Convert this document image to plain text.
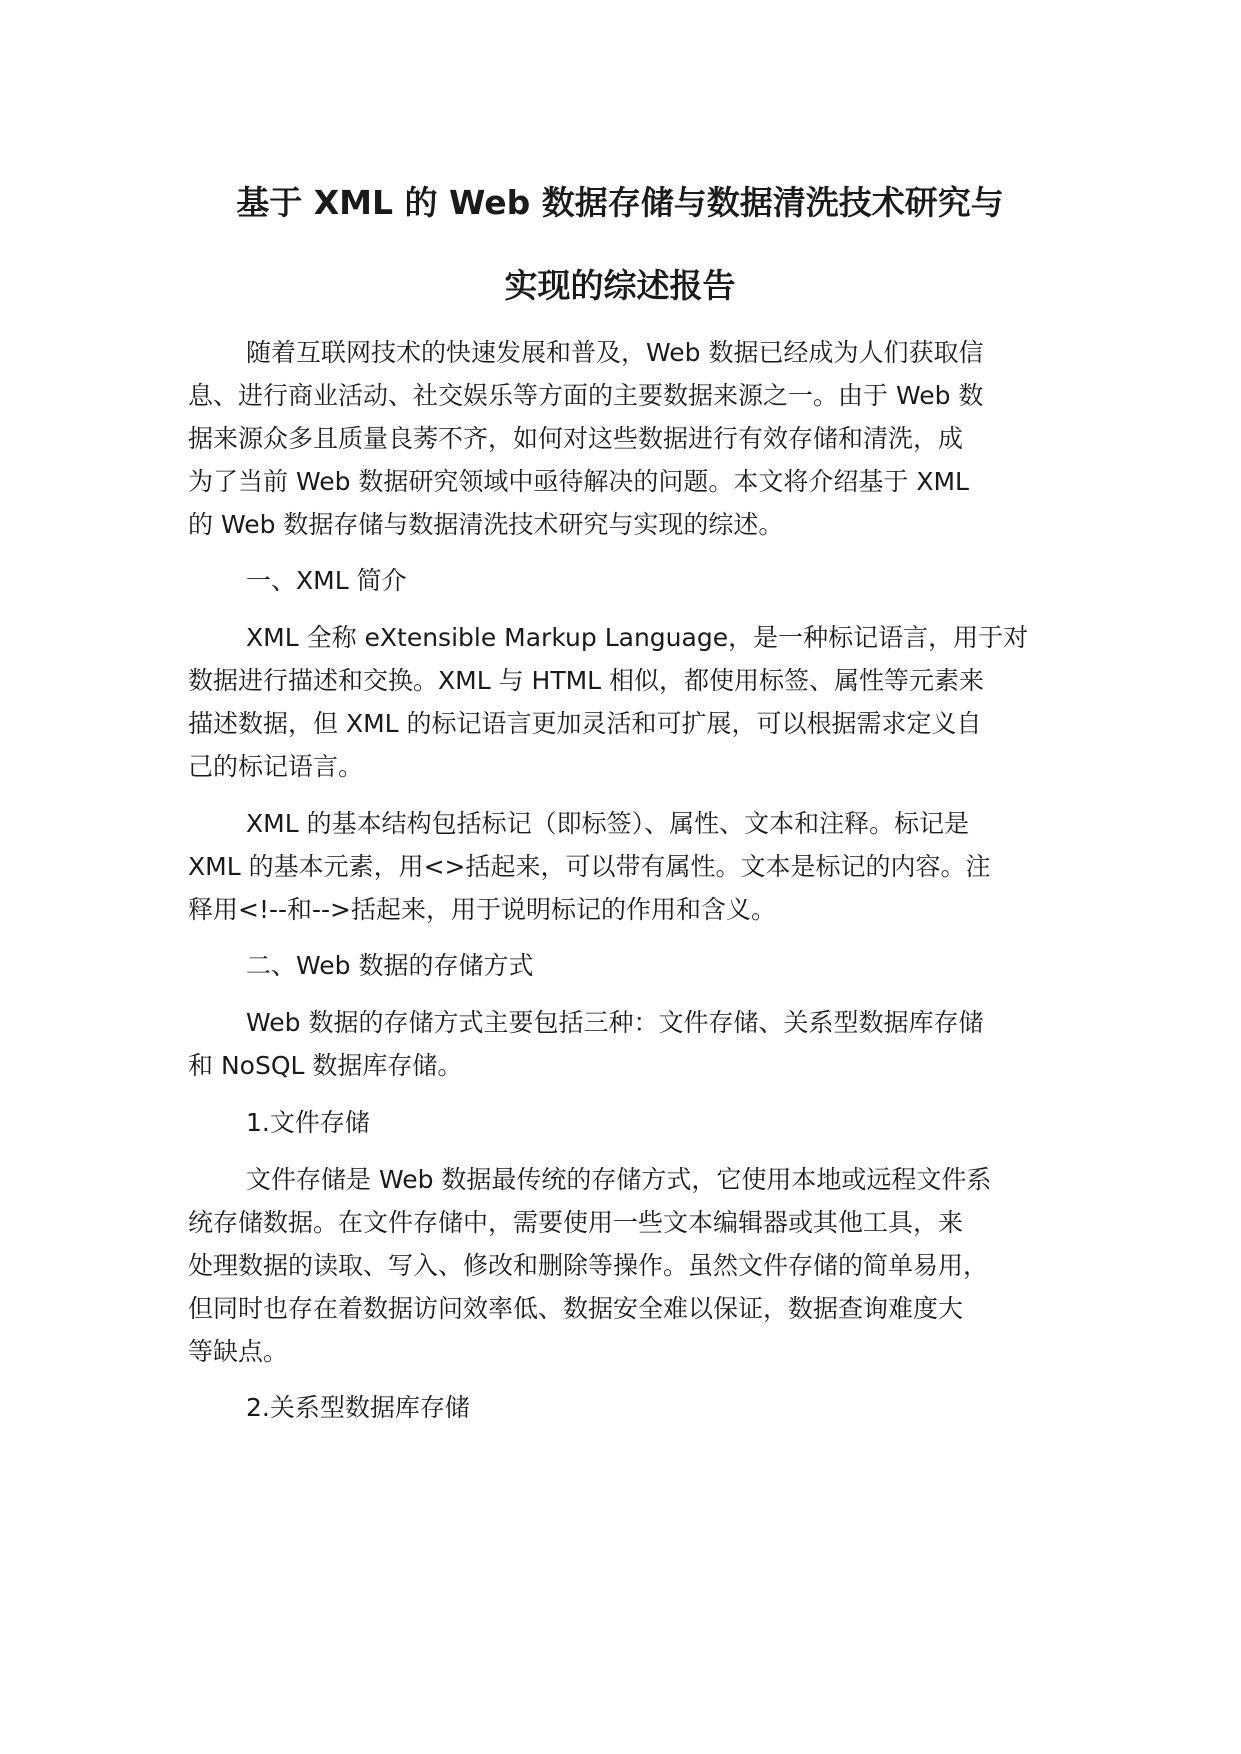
基于 XML 的 Web 数据存储与数据清洗技术研究与
实现的综述报告

随着互联网技术的快速发展和普及，Web 数据已经成为人们获取信

息、进行商业活动、社交娱乐等方面的主要数据来源之一。由于 Web 数

据来源众多且质量良莠不齐，如何对这些数据进行有效存储和清洗，成

为了当前 Web 数据研究领域中亟待解决的问题。本文将介绍基于 XML

的 Web 数据存储与数据清洗技术研究与实现的综述。

一、XML 简介

XML 全称 eXtensible Markup Language，是一种标记语言，用于对

数据进行描述和交换。XML 与 HTML 相似，都使用标签、属性等元素来

描述数据，但 XML 的标记语言更加灵活和可扩展，可以根据需求定义自

己的标记语言。

XML 的基本结构包括标记（即标签）、属性、文本和注释。标记是

XML 的基本元素，用<>括起来，可以带有属性。文本是标记的内容。注

释用<!--和-->括起来，用于说明标记的作用和含义。

二、Web 数据的存储方式

Web 数据的存储方式主要包括三种：文件存储、关系型数据库存储

和 NoSQL 数据库存储。

1.文件存储

文件存储是 Web 数据最传统的存储方式，它使用本地或远程文件系

统存储数据。在文件存储中，需要使用一些文本编辑器或其他工具，来

处理数据的读取、写入、修改和删除等操作。虽然文件存储的简单易用，

但同时也存在着数据访问效率低、数据安全难以保证，数据查询难度大

等缺点。

2.关系型数据库存储
